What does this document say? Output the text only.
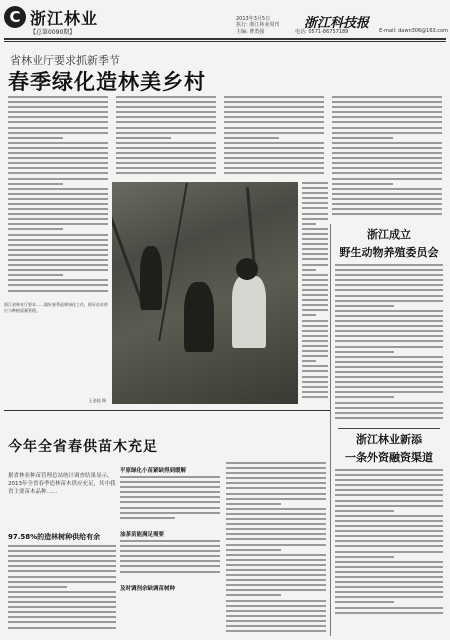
C 浙江林业
【总第0090期】
2013年3月5日
执行: 浙江林业周刊 浙江科技报
主编: 曹勇强	电话: 0571-86757189	E-mail: dawn306@163.com
省林业厅要求抓新季节
春季绿化造林美乡村
浙江省林业厅要求……做好春季造林绿化工作，抓好苗木供应与种植质量管理。
王金陆 摄
今年全省春供苗木充足
据省林业种苗管理总站统计调查结果显示，2013年全省春季造林苗木供应充足，其中我省主要苗木品种……
97.58%的造林树种供给有余
平原绿化小苗紧缺得到缓解
油茶苗能满足需要
及时调剂余缺调苗树种
浙江成立
野生动物养殖委员会
浙江林业新添
一条外资融资渠道
